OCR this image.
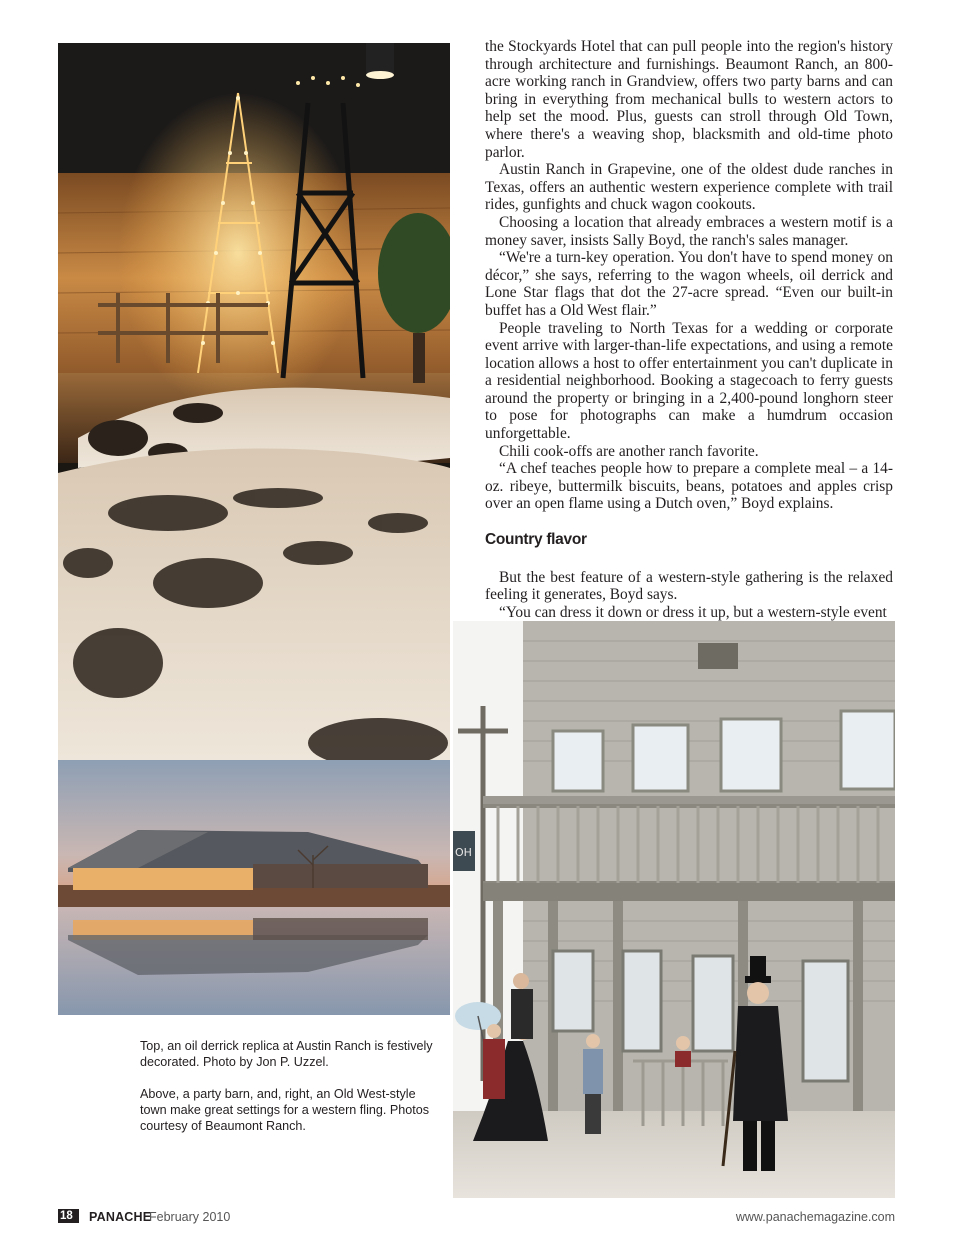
OH

the Stockyards Hotel that can pull people into the region's history through architecture and furnishings. Beaumont Ranch, an 800-acre working ranch in Grandview, offers two party barns and can bring in everything from mechanical bulls to western actors to help set the mood. Plus, guests can stroll through Old Town, where there's a weaving shop, blacksmith and old-time photo parlor.

Austin Ranch in Grapevine, one of the oldest dude ranches in Texas, offers an authentic western experience complete with trail rides, gunfights and chuck wagon cookouts.

Choosing a location that already embraces a western motif is a money saver, insists Sally Boyd, the ranch's sales manager.

“We're a turn-key operation. You don't have to spend money on décor,” she says, referring to the wagon wheels, oil derrick and Lone Star flags that dot the 27-acre spread. “Even our built-in buffet has a Old West flair.”

People traveling to North Texas for a wedding or corporate event arrive with larger-than-life expectations, and using a remote location allows a host to offer entertainment you can't duplicate in a residential neighborhood. Booking a stagecoach to ferry guests around the property or bringing in a 2,400-pound longhorn steer to pose for photographs can make a humdrum occasion unforgettable.

Chili cook-offs are another ranch favorite.

“A chef teaches people how to prepare a complete meal – a 14-oz. ribeye, buttermilk biscuits, beans, potatoes and apples crisp over an open flame using a Dutch oven,” Boyd explains.

Country flavor

But the best feature of a western-style gathering is the relaxed feeling it generates, Boyd says.

“You can dress it down or dress it up, but a western-style event

Top, an oil derrick replica at Austin Ranch is festively decorated. Photo by Jon P. Uzzel.

Above, a party barn, and, right, an Old West-style town make great settings for a western fling. Photos courtesy of Beaumont Ranch.

18	PANACHE
February 2010	www.panachemagazine.com
